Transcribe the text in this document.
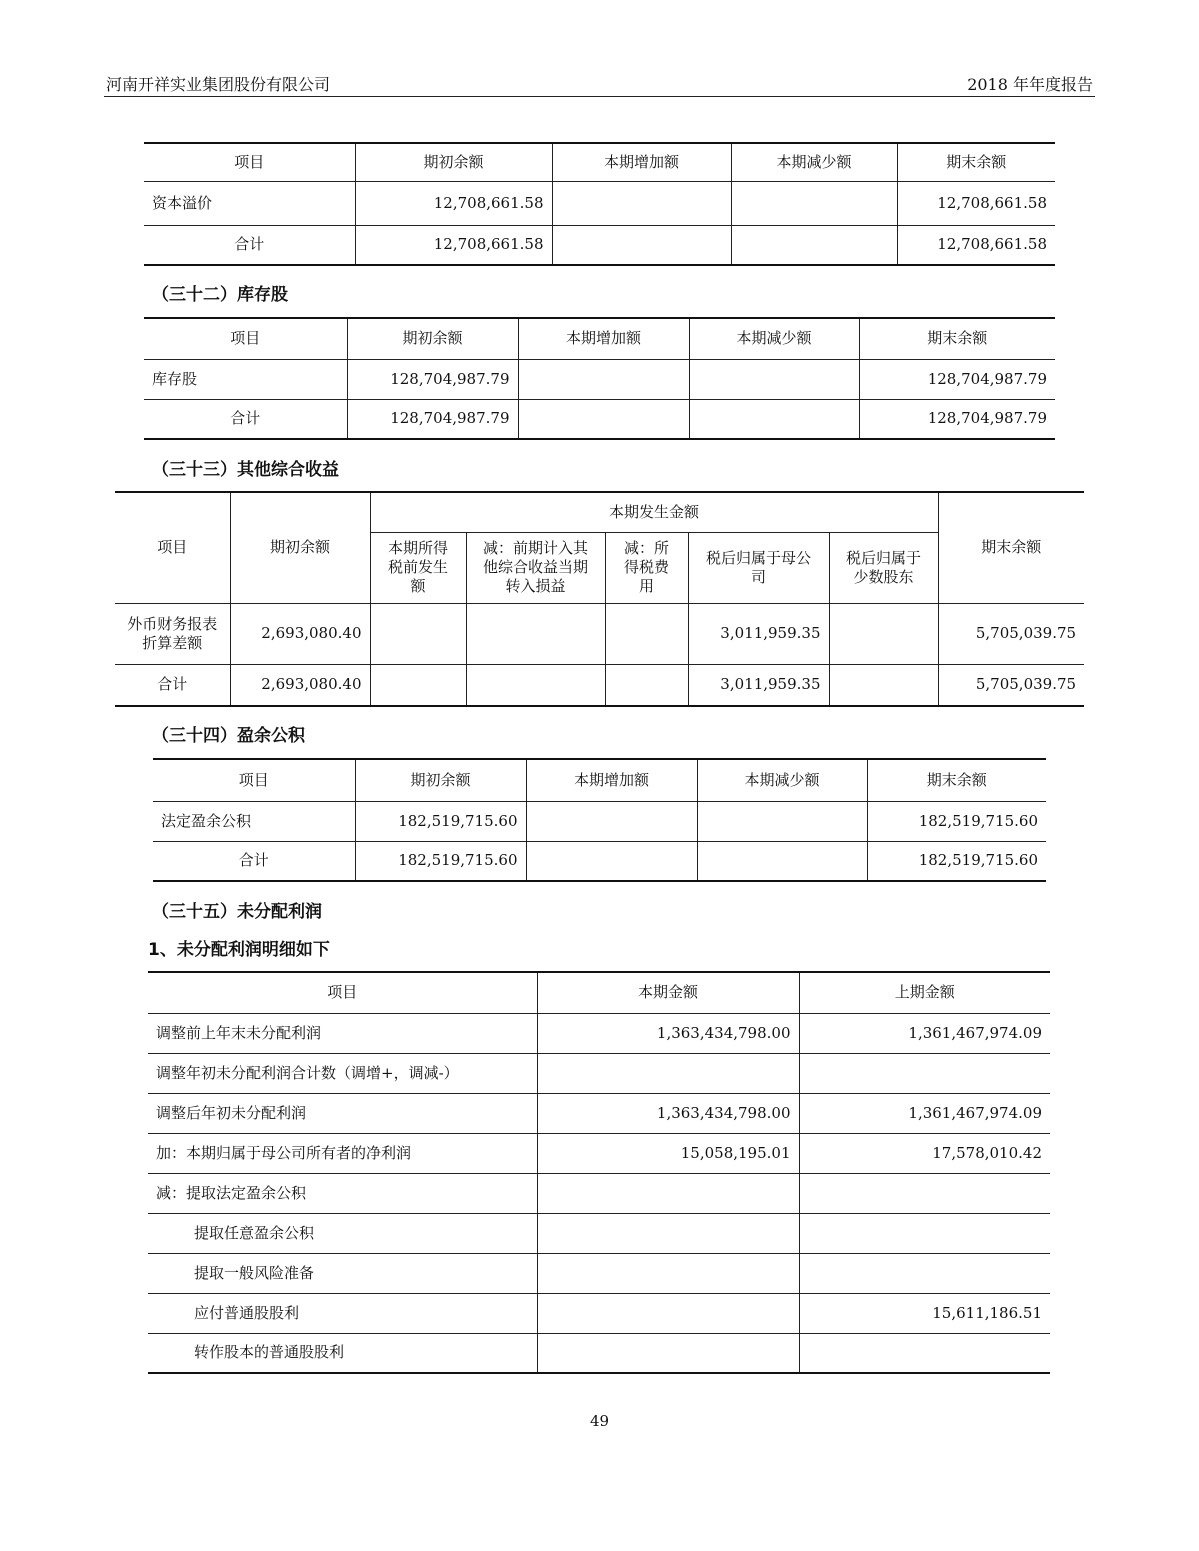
河南开祥实业集团股份有限公司	2018 年年度报告
项目	期初余额	本期增加额	本期减少额	期末余额
资本溢价	12,708,661.58			12,708,661.58
合计	12,708,661.58			12,708,661.58
（三十二）库存股
项目	期初余额	本期增加额	本期减少额	期末余额
库存股	128,704,987.79			128,704,987.79
合计	128,704,987.79			128,704,987.79
（三十三）其他综合收益
项目	期初余额	本期发生金额					期末余额
		本期所得税前发生额	减：前期计入其他综合收益当期转入损益	减：所得税费用	税后归属于母公司	税后归属于少数股东	
外币财务报表折算差额	2,693,080.40				3,011,959.35		5,705,039.75
合计	2,693,080.40				3,011,959.35		5,705,039.75
（三十四）盈余公积
项目	期初余额	本期增加额	本期减少额	期末余额
法定盈余公积	182,519,715.60			182,519,715.60
合计	182,519,715.60			182,519,715.60
（三十五）未分配利润
1、未分配利润明细如下
项目	本期金额	上期金额
调整前上年末未分配利润	1,363,434,798.00	1,361,467,974.09
调整年初未分配利润合计数（调增+，调减-）		
调整后年初未分配利润	1,363,434,798.00	1,361,467,974.09
加：本期归属于母公司所有者的净利润	15,058,195.01	17,578,010.42
减：提取法定盈余公积		
提取任意盈余公积		
提取一般风险准备		
应付普通股股利		15,611,186.51
转作股本的普通股股利		
49
